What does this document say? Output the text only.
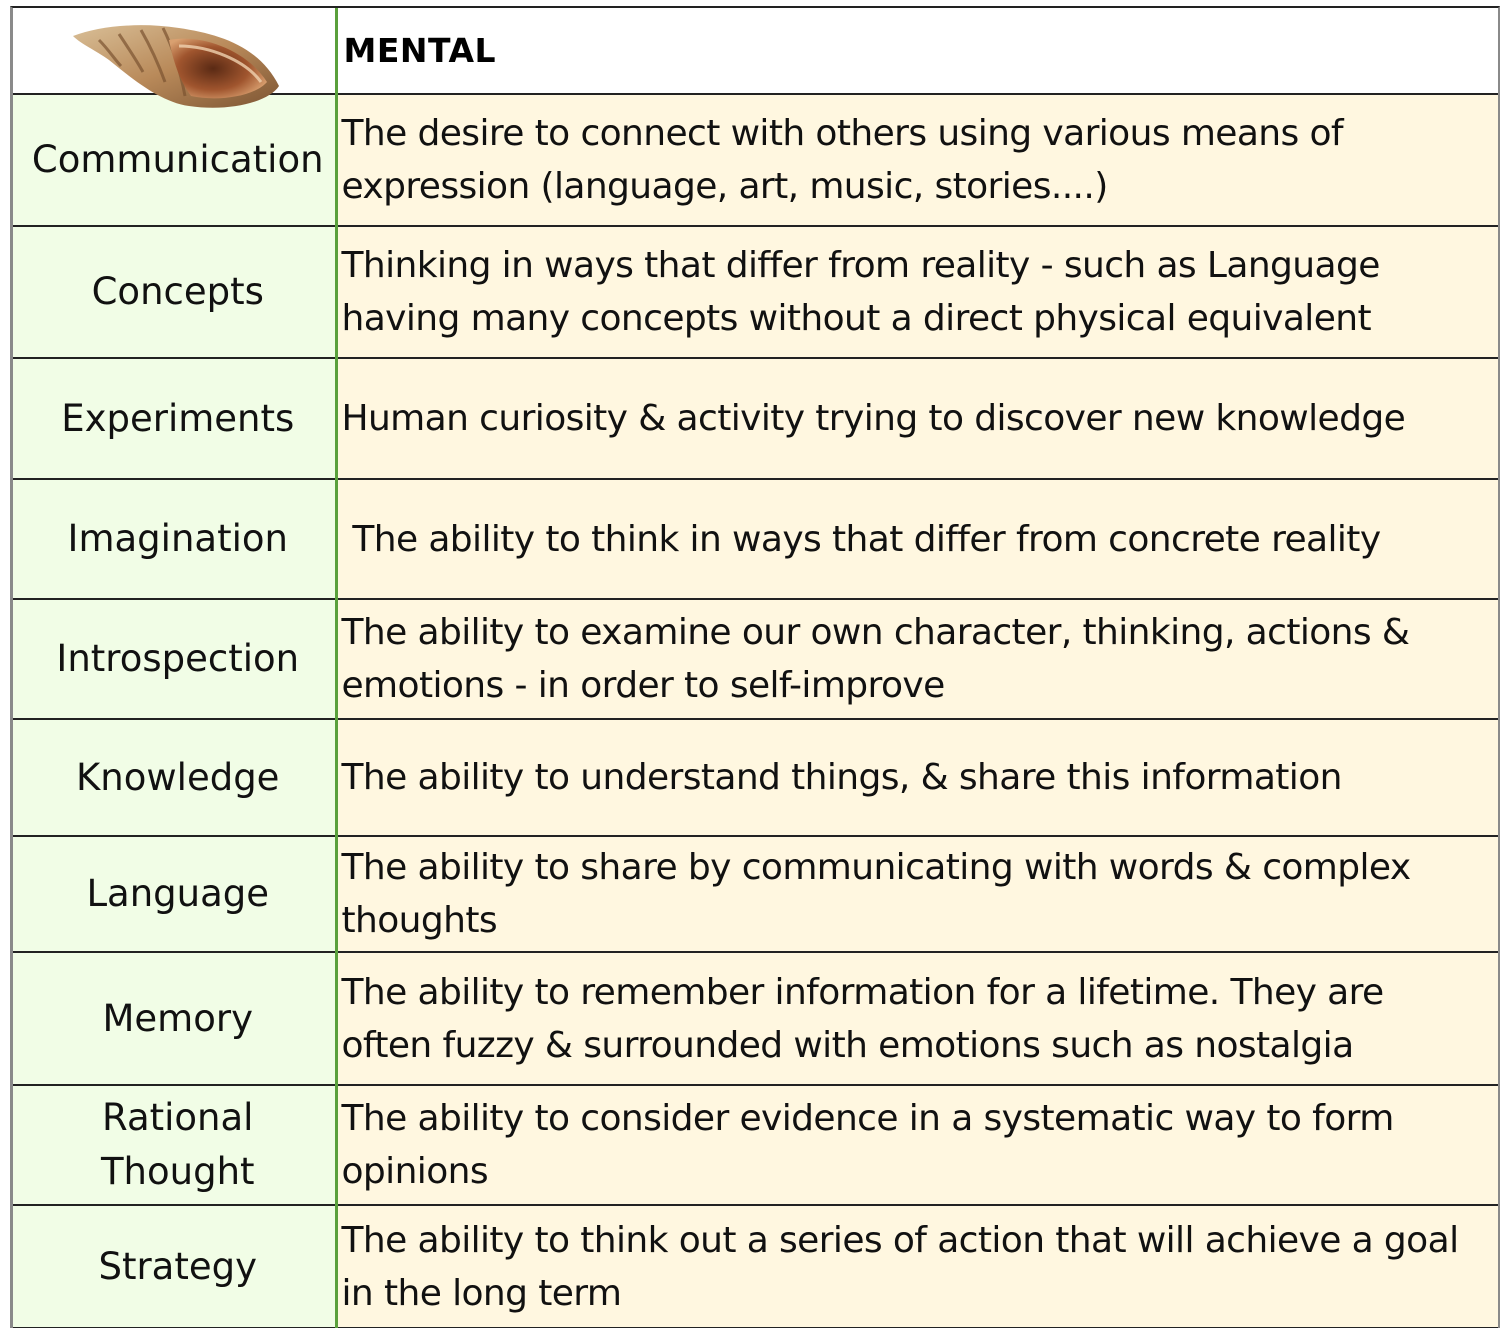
	MENTAL
Communication	The desire to connect with others using various means of expression (language, art, music, stories....)
Concepts	Thinking in ways that differ from reality - such as Language having many concepts without a direct physical equivalent
Experiments	Human curiosity & activity trying to discover new knowledge
Imagination	The ability to think in ways that differ from concrete reality
Introspection	The ability to examine our own character, thinking, actions & emotions - in order to self-improve
Knowledge	The ability to understand things, & share this information
Language	The ability to share by communicating with words & complex thoughts
Memory	The ability to remember information for a lifetime. They are often fuzzy & surrounded with emotions such as nostalgia
Rational Thought	The ability to consider evidence in a systematic way to form opinions
Strategy	The ability to think out a series of action that will achieve a goal in the long term
